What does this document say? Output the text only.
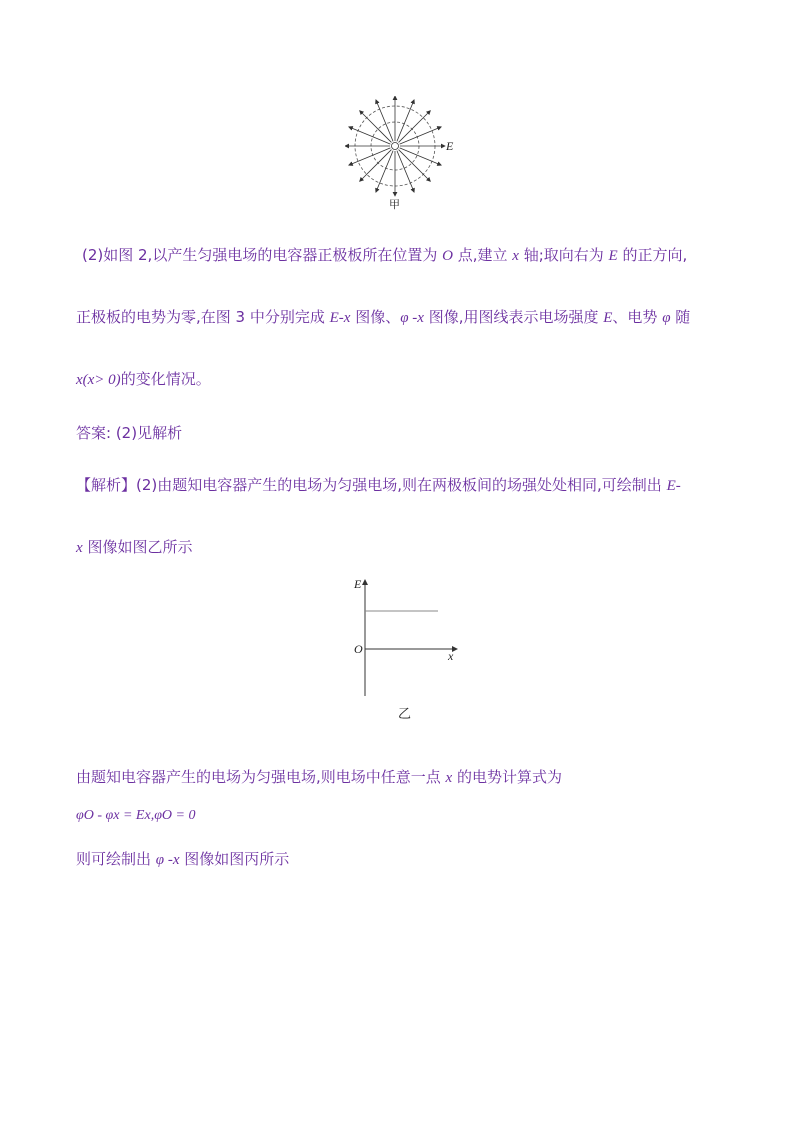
E
甲
(2)如图 2,以产生匀强电场的电容器正极板所在位置为 O 点,建立 x 轴;取向右为 E 的正方向,
正极板的电势为零,在图 3 中分别完成 E-x 图像、φ -x 图像,用图线表示电场强度 E、电势 φ 随
x(x> 0)的变化情况。
答案: (2)见解析
【解析】(2)由题知电容器产生的电场为匀强电场,则在两极板间的场强处处相同,可绘制出 E-
x 图像如图乙所示
E
O	x
乙
由题知电容器产生的电场为匀强电场,则电场中任意一点 x 的电势计算式为
φO - φx = Ex,φO = 0
则可绘制出 φ -x 图像如图丙所示
